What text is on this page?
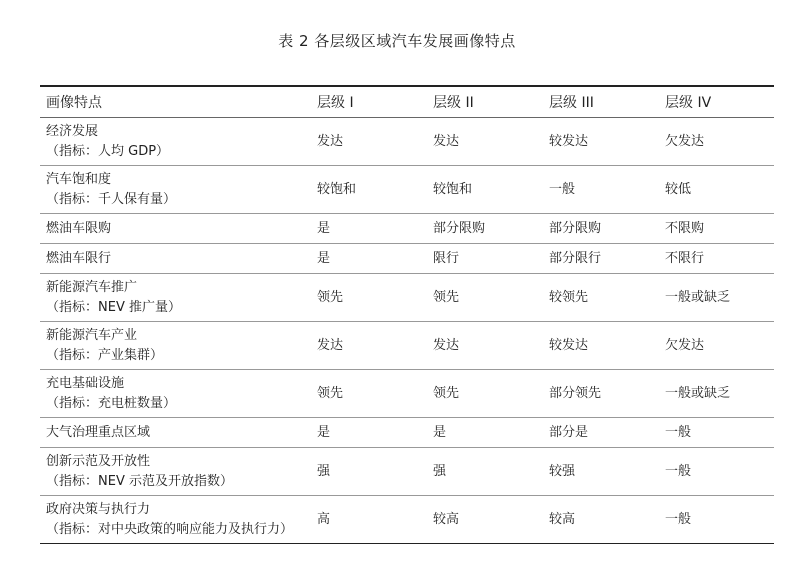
表 2 各层级区域汽车发展画像特点
画像特点	层级 I	层级 II	层级 III	层级 IV

经济发展
（指标：人均 GDP）	发达	发达	较发达	欠发达

汽车饱和度
（指标：千人保有量）	较饱和	较饱和	一般	较低

燃油车限购	是	部分限购	部分限购	不限购

燃油车限行	是	限行	部分限行	不限行

新能源汽车推广
（指标：NEV 推广量）	领先	领先	较领先	一般或缺乏

新能源汽车产业
（指标：产业集群）	发达	发达	较发达	欠发达

充电基础设施
（指标：充电桩数量）	领先	领先	部分领先	一般或缺乏

大气治理重点区域	是	是	部分是	一般

创新示范及开放性
（指标：NEV 示范及开放指数）	强	强	较强	一般

政府决策与执行力
（指标：对中央政策的响应能力及执行力）	高	较高	较高	一般
